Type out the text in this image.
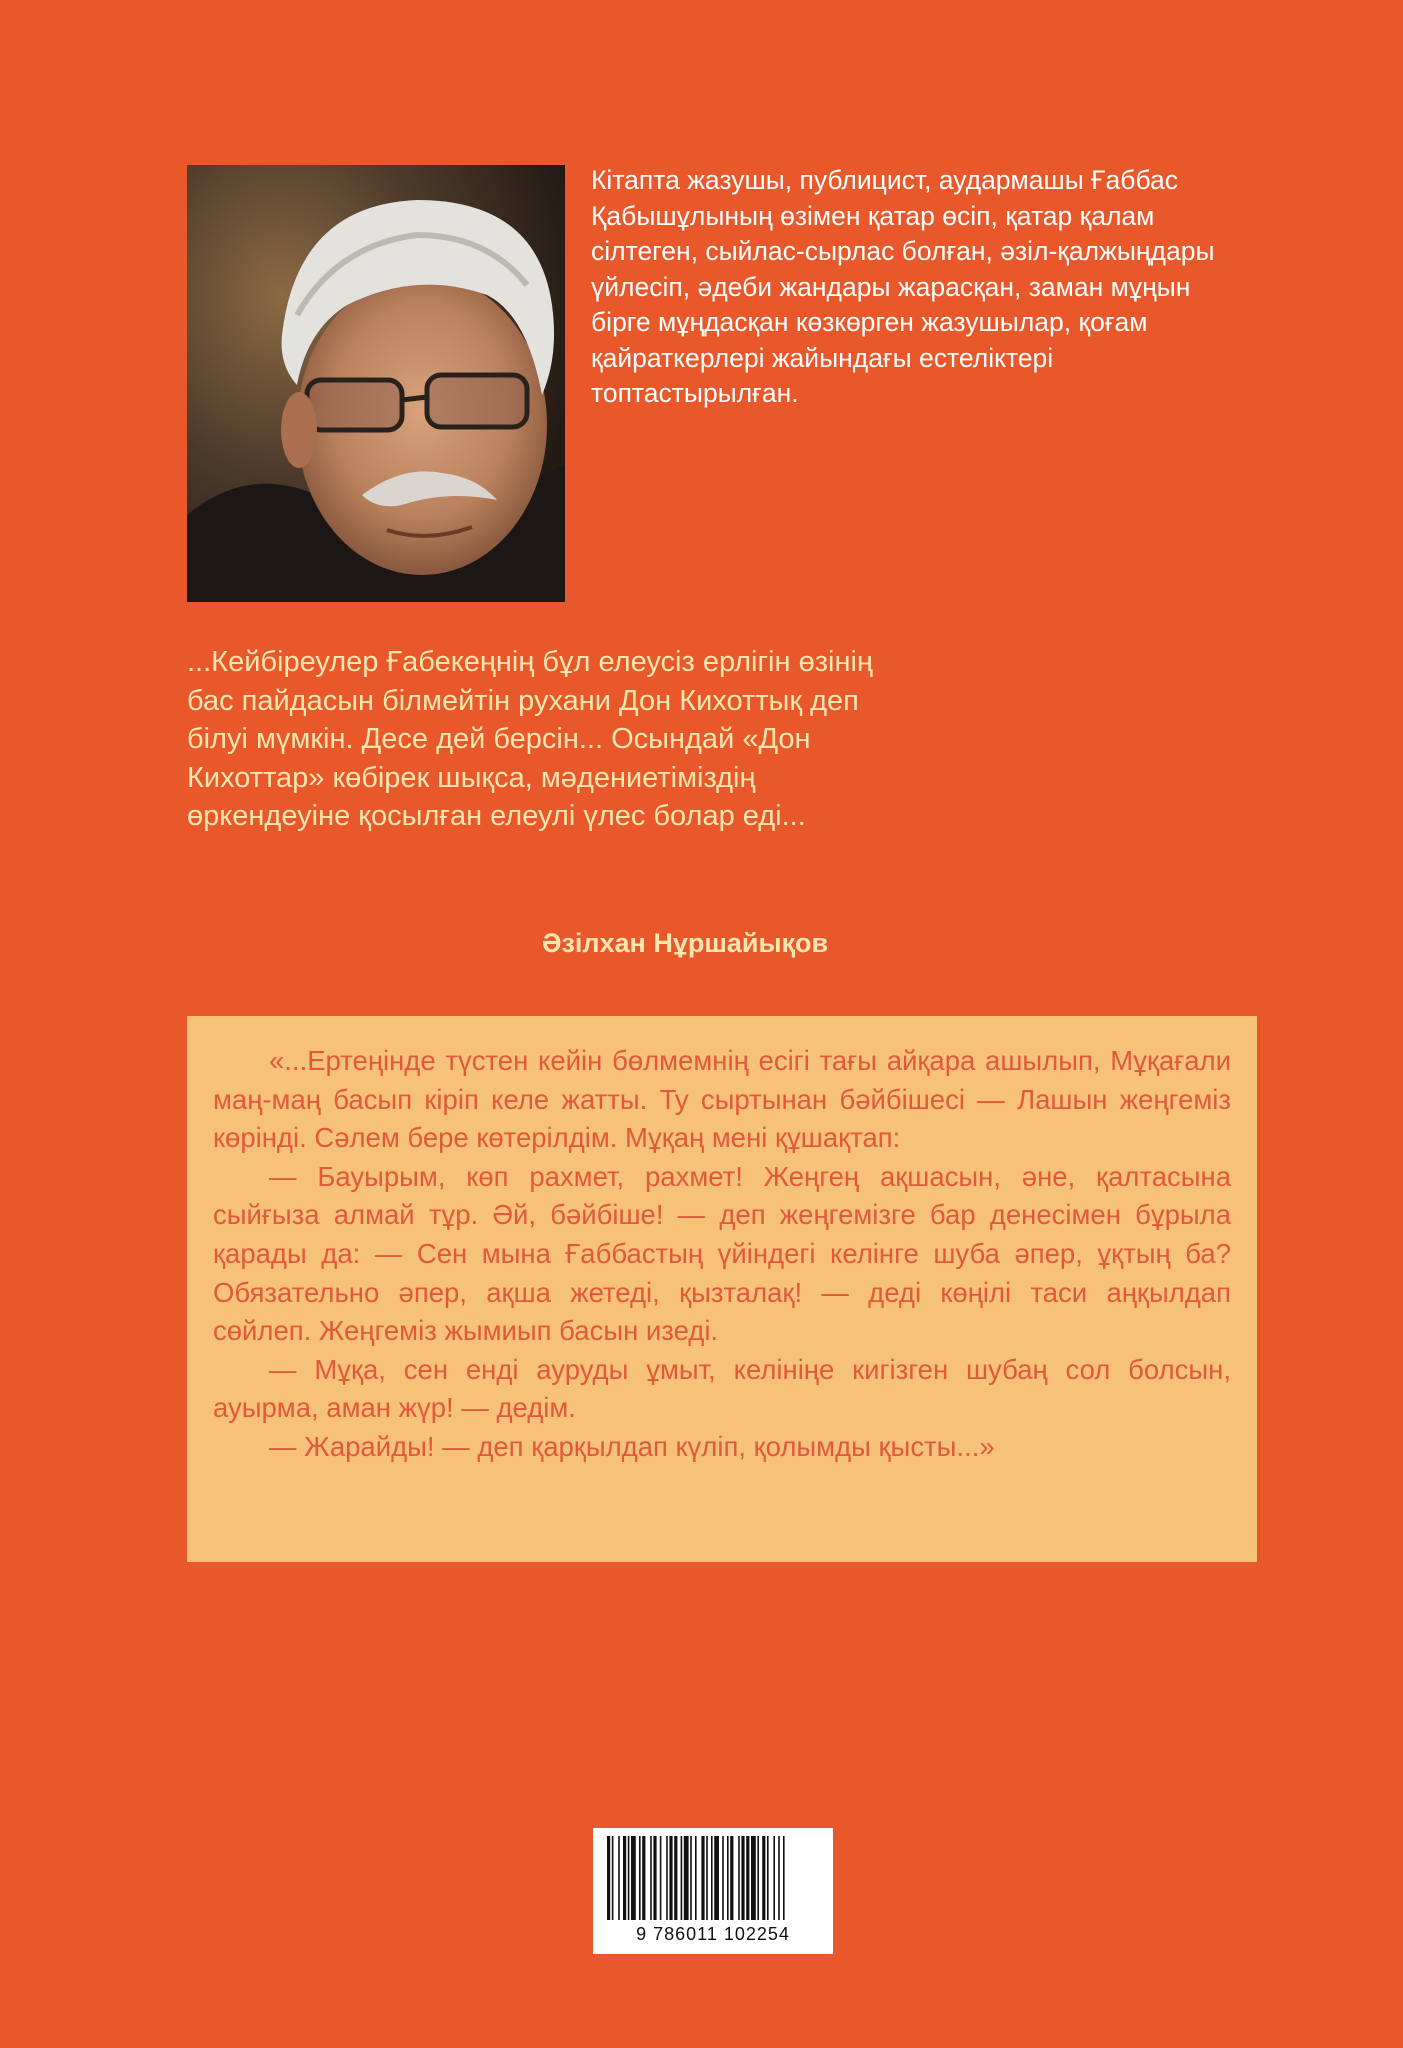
Кітапта жазушы, публицист, аудармашы Ғаббас Қабышұлының өзімен қатар өсіп, қатар қалам сілтеген, сыйлас-сырлас болған, әзіл-қалжыңдары үйлесіп, әдеби жандары жарасқан, заман мұңын бірге мұңдасқан көзкөрген жазушылар, қоғам қайраткерлері жайындағы естеліктері топтастырылған.

...Кейбіреулер Ғабекеңнің бұл елеусіз ерлігін өзінің бас пайдасын білмейтін рухани Дон Кихоттық деп білуі мүмкін. Десе дей берсін... Осындай «Дон Кихоттар» көбірек шықса, мәдениетіміздің өркендеуіне қосылған елеулі үлес болар еді...

Әзілхан Нұршайықов

«...Ертеңінде түстен кейін бөлмемнің есігі тағы айқара ашылып, Мұқағали маң-маң басып кіріп келе жатты. Ту сыртынан бәйбішесі — Лашын жеңгеміз көрінді. Сәлем бере көтерілдім. Мұқаң мені құшақтап:

— Бауырым, көп рахмет, рахмет! Жеңгең ақшасын, әне, қалтасына сыйғыза алмай тұр. Әй, бәйбіше! — деп жеңгемізге бар денесімен бұрыла қарады да: — Сен мына Ғаббастың үйіндегі келінге шуба әпер, ұқтың ба? Обязательно әпер, ақша жетеді, қызталақ! — деді көңілі таси аңқылдап сөйлеп. Жеңгеміз жымиып басын изеді.

— Мұқа, сен енді ауруды ұмыт, келініңе кигізген шубаң сол болсын, ауырма, аман жүр! — дедім.

— Жарайды! — деп қарқылдап күліп, қолымды қысты...»

9 786011 102254
